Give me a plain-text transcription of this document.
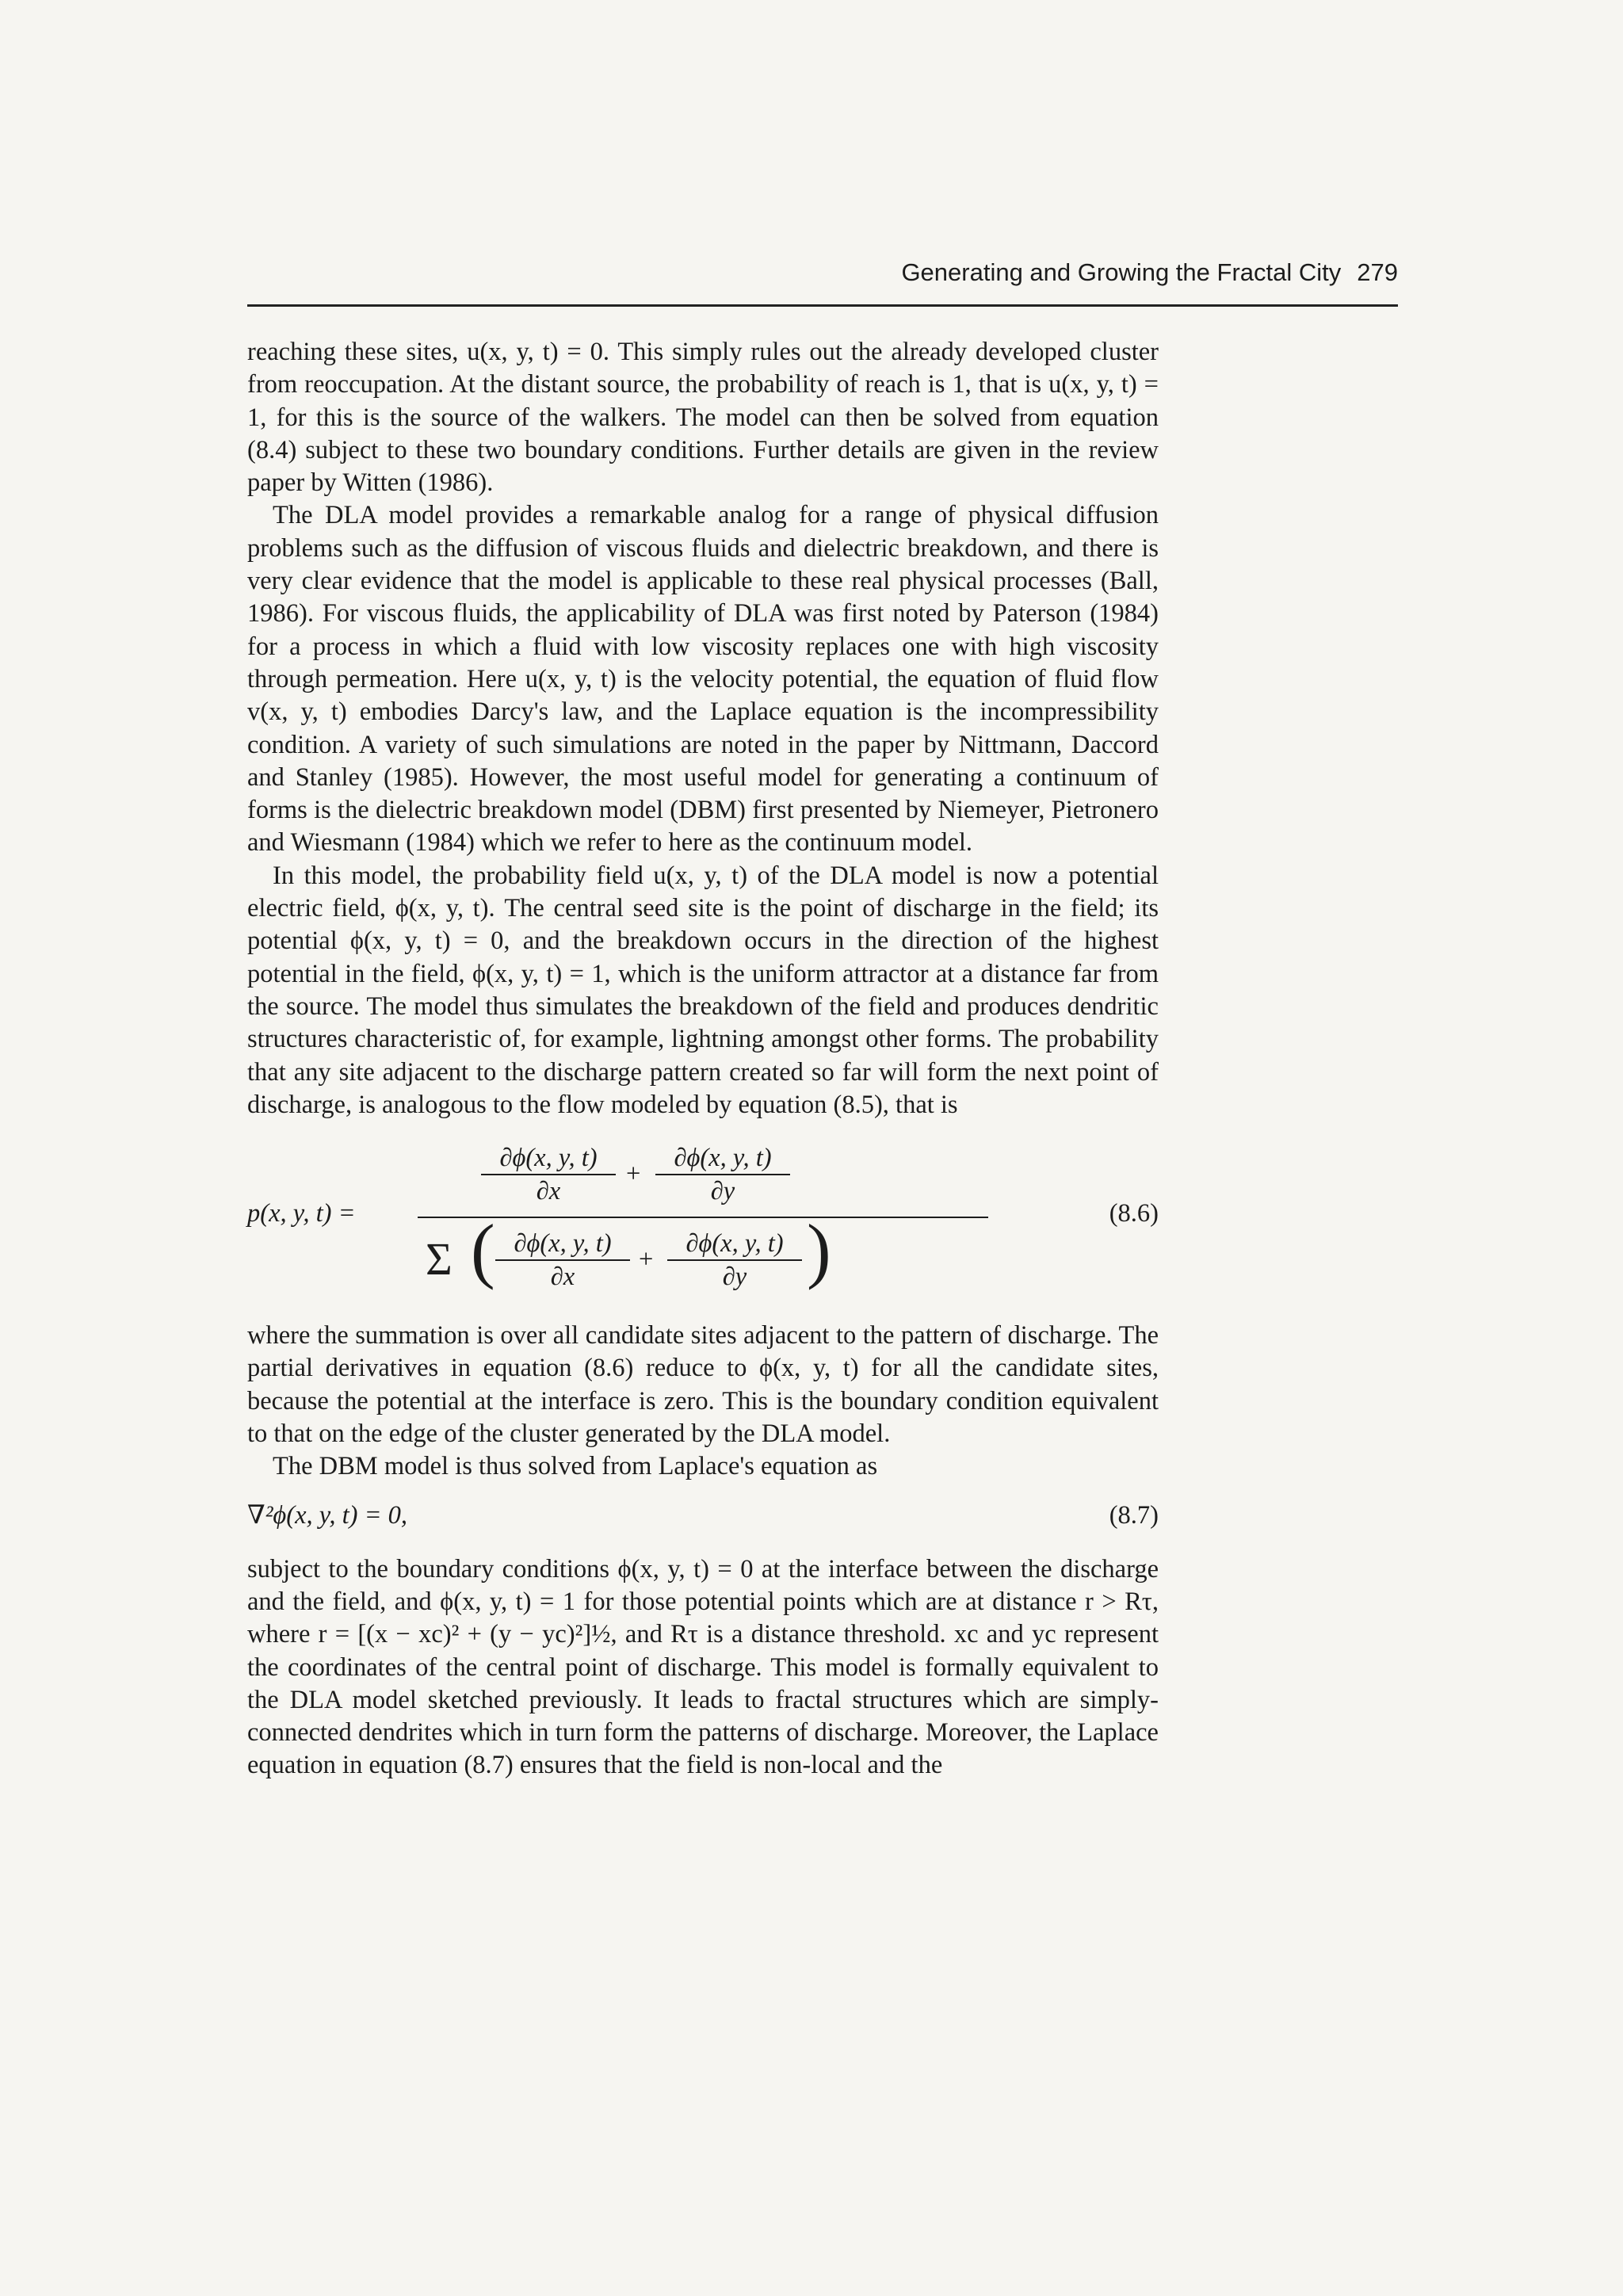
Generating and Growing the Fractal City 279

reaching these sites, u(x, y, t) = 0. This simply rules out the already developed cluster from reoccupation. At the distant source, the probability of reach is 1, that is u(x, y, t) = 1, for this is the source of the walkers. The model can then be solved from equation (8.4) subject to these two boundary conditions. Further details are given in the review paper by Witten (1986).

The DLA model provides a remarkable analog for a range of physical diffusion problems such as the diffusion of viscous fluids and dielectric breakdown, and there is very clear evidence that the model is applicable to these real physical processes (Ball, 1986). For viscous fluids, the applicability of DLA was first noted by Paterson (1984) for a process in which a fluid with low viscosity replaces one with high viscosity through permeation. Here u(x, y, t) is the velocity potential, the equation of fluid flow v(x, y, t) embodies Darcy's law, and the Laplace equation is the incompressibility condition. A variety of such simulations are noted in the paper by Nittmann, Daccord and Stanley (1985). However, the most useful model for generating a continuum of forms is the dielectric breakdown model (DBM) first presented by Niemeyer, Pietronero and Wiesmann (1984) which we refer to here as the continuum model.

In this model, the probability field u(x, y, t) of the DLA model is now a potential electric field, ϕ(x, y, t). The central seed site is the point of discharge in the field; its potential ϕ(x, y, t) = 0, and the breakdown occurs in the direction of the highest potential in the field, ϕ(x, y, t) = 1, which is the uniform attractor at a distance far from the source. The model thus simulates the breakdown of the field and produces dendritic structures characteristic of, for example, lightning amongst other forms. The probability that any site adjacent to the discharge pattern created so far will form the next point of discharge, is analogous to the flow modeled by equation (8.5), that is

p(x, y, t) =
$\frac{\partial\phi(x, y, t)}{\partial x} + \frac{\partial\phi(x, y, t)}{\partial y}$
Σ ( $\frac{\partial\phi(x, y, t)}{\partial x} + \frac{\partial\phi(x, y, t)}{\partial y}$ )	(8.6)

where the summation is over all candidate sites adjacent to the pattern of discharge. The partial derivatives in equation (8.6) reduce to ϕ(x, y, t) for all the candidate sites, because the potential at the interface is zero. This is the boundary condition equivalent to that on the edge of the cluster generated by the DLA model.

The DBM model is thus solved from Laplace's equation as

∇²ϕ(x, y, t) = 0,	(8.7)

subject to the boundary conditions ϕ(x, y, t) = 0 at the interface between the discharge and the field, and ϕ(x, y, t) = 1 for those potential points which are at distance r > Rτ, where r = [(x − xc)² + (y − yc)²]½, and Rτ is a distance threshold. xc and yc represent the coordinates of the central point of discharge. This model is formally equivalent to the DLA model sketched previously. It leads to fractal structures which are simply-connected dendrites which in turn form the patterns of discharge. Moreover, the Laplace equation in equation (8.7) ensures that the field is non-local and the
